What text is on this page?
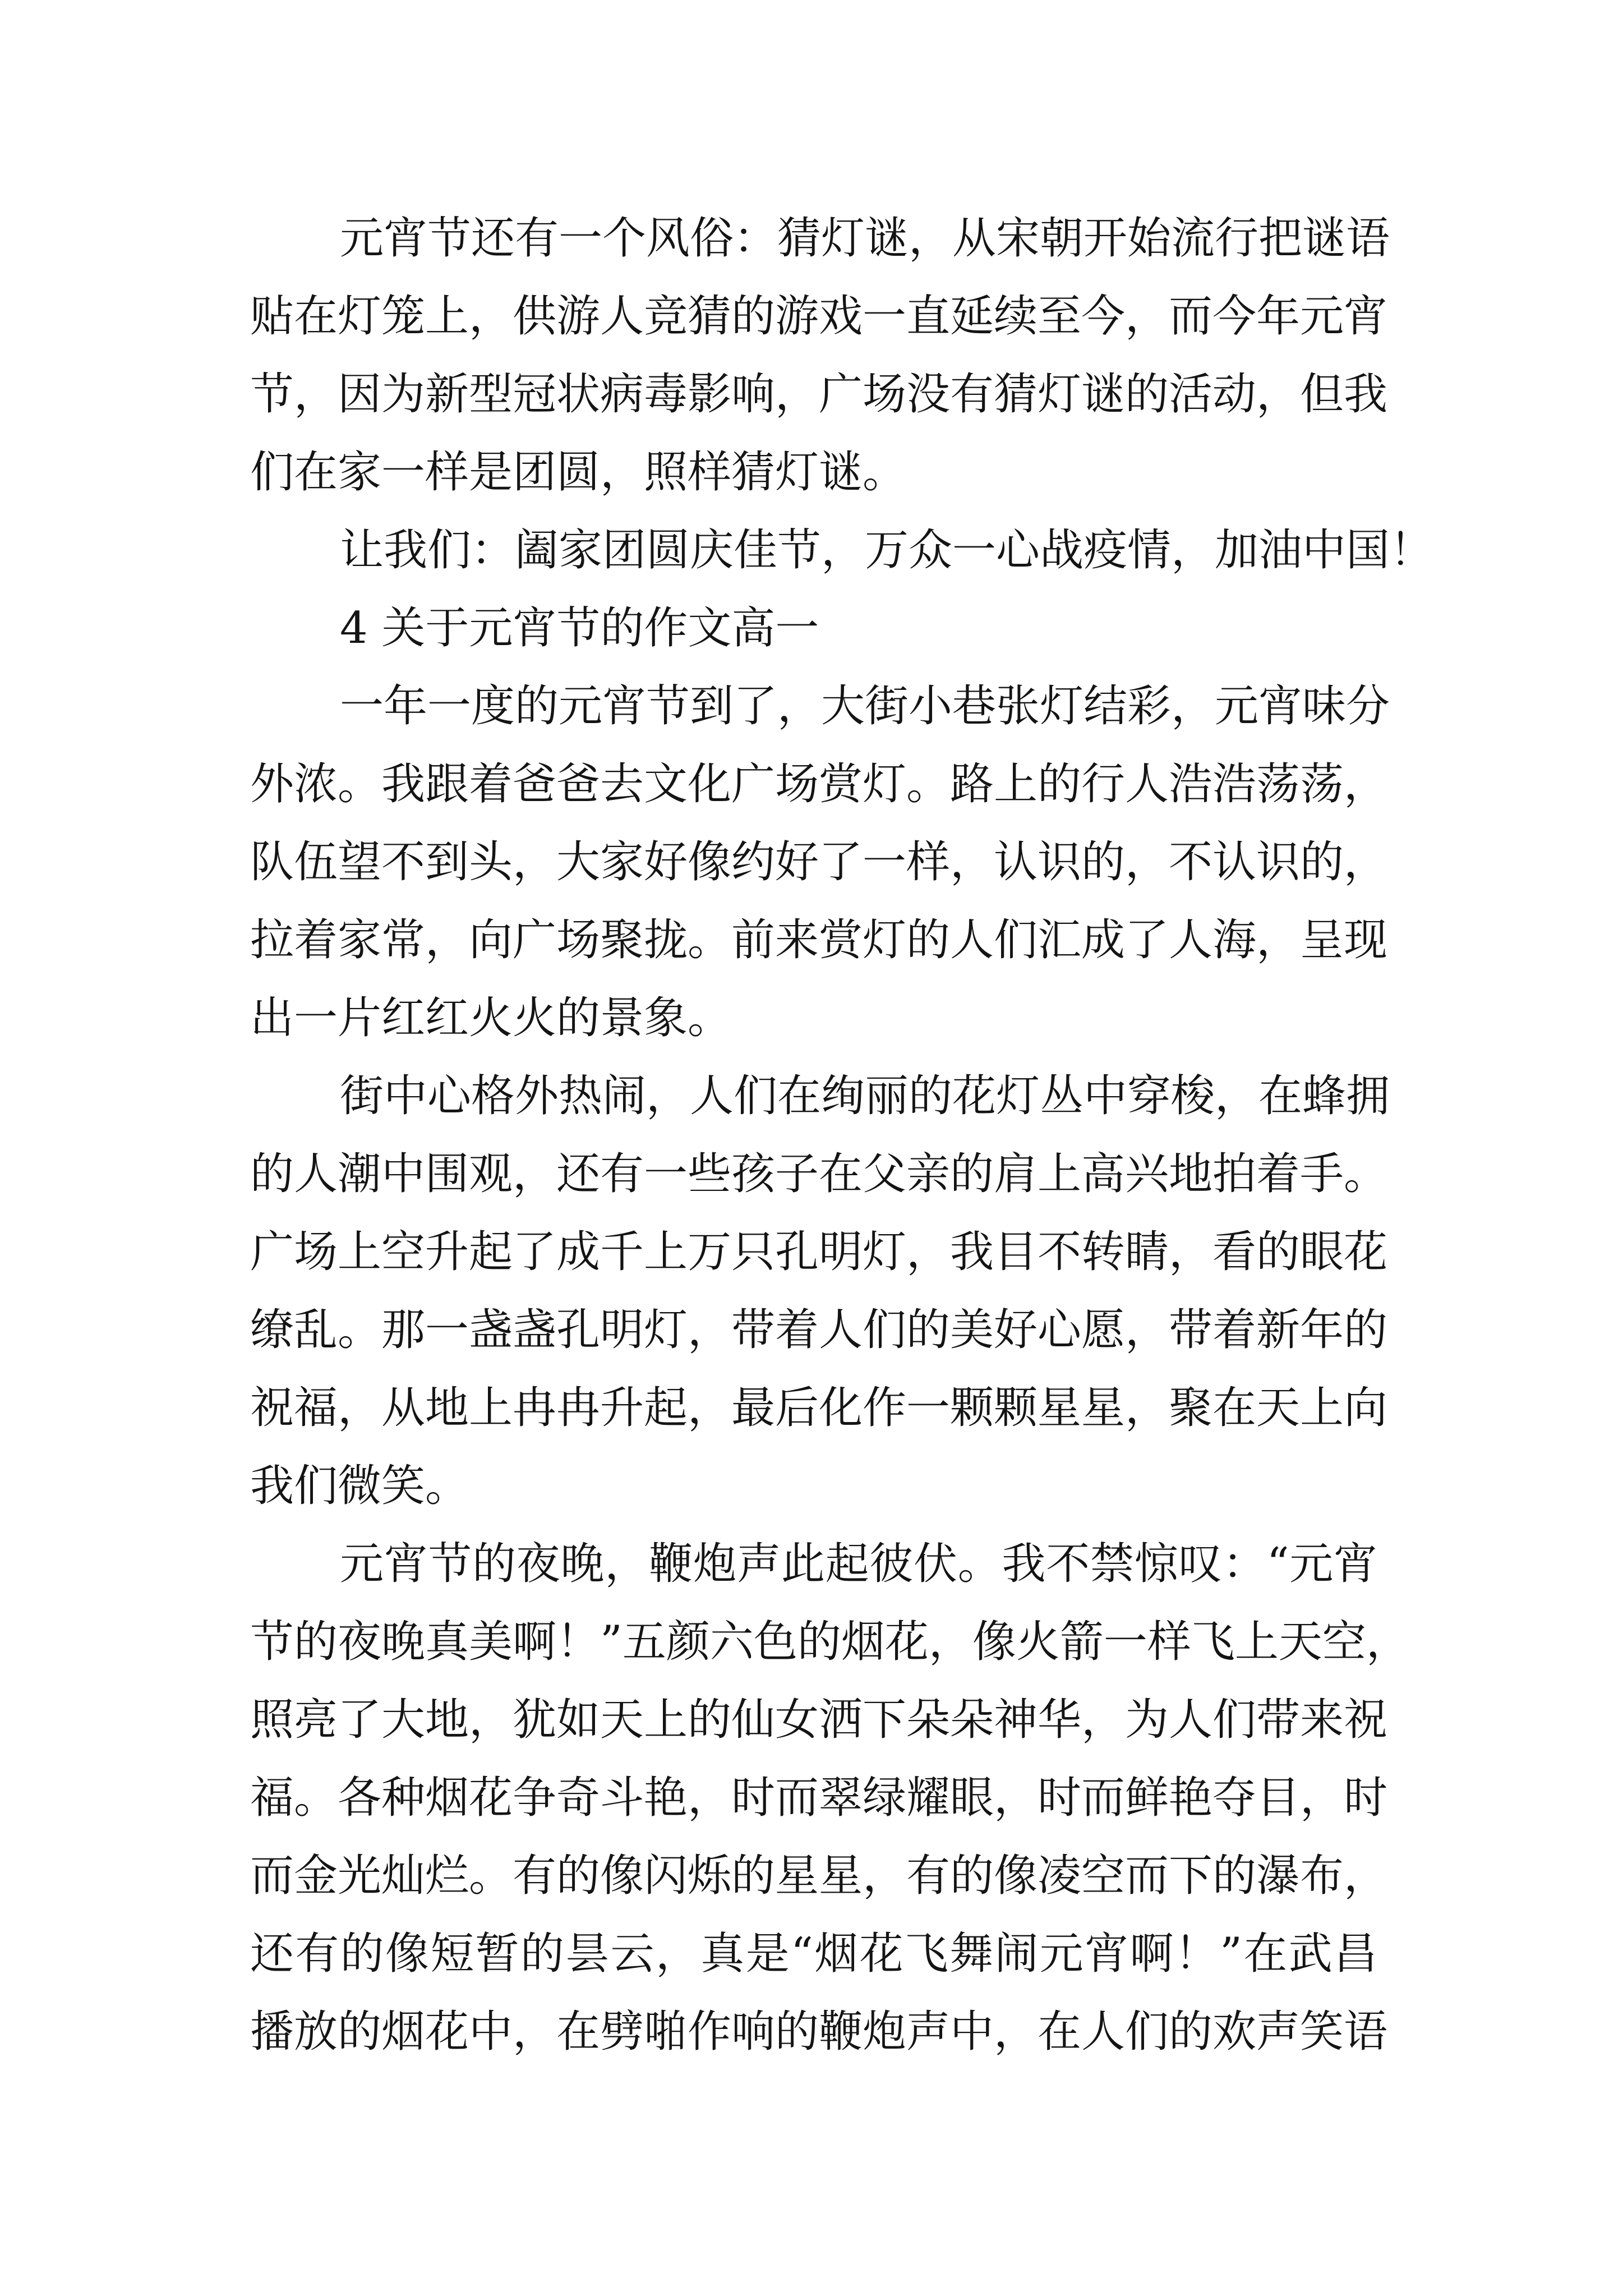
元宵节还有一个风俗：猜灯谜，从宋朝开始流行把谜语
贴在灯笼上，供游人竞猜的游戏一直延续至今，而今年元宵
节，因为新型冠状病毒影响，广场没有猜灯谜的活动，但我
们在家一样是团圆，照样猜灯谜。
让我们：阖家团圆庆佳节，万众一心战疫情，加油中国！
4 关于元宵节的作文高一
一年一度的元宵节到了，大街小巷张灯结彩，元宵味分
外浓。我跟着爸爸去文化广场赏灯。路上的行人浩浩荡荡，
队伍望不到头，大家好像约好了一样，认识的，不认识的，
拉着家常，向广场聚拢。前来赏灯的人们汇成了人海，呈现
出一片红红火火的景象。
街中心格外热闹，人们在绚丽的花灯丛中穿梭，在蜂拥
的人潮中围观，还有一些孩子在父亲的肩上高兴地拍着手。
广场上空升起了成千上万只孔明灯，我目不转睛，看的眼花
缭乱。那一盏盏孔明灯，带着人们的美好心愿，带着新年的
祝福，从地上冉冉升起，最后化作一颗颗星星，聚在天上向
我们微笑。
元宵节的夜晚，鞭炮声此起彼伏。我不禁惊叹：“元宵
节的夜晚真美啊！”五颜六色的烟花，像火箭一样飞上天空，
照亮了大地，犹如天上的仙女洒下朵朵神华，为人们带来祝
福。各种烟花争奇斗艳，时而翠绿耀眼，时而鲜艳夺目，时
而金光灿烂。有的像闪烁的星星，有的像凌空而下的瀑布，
还有的像短暂的昙云，真是“烟花飞舞闹元宵啊！”在武昌
播放的烟花中，在劈啪作响的鞭炮声中，在人们的欢声笑语
